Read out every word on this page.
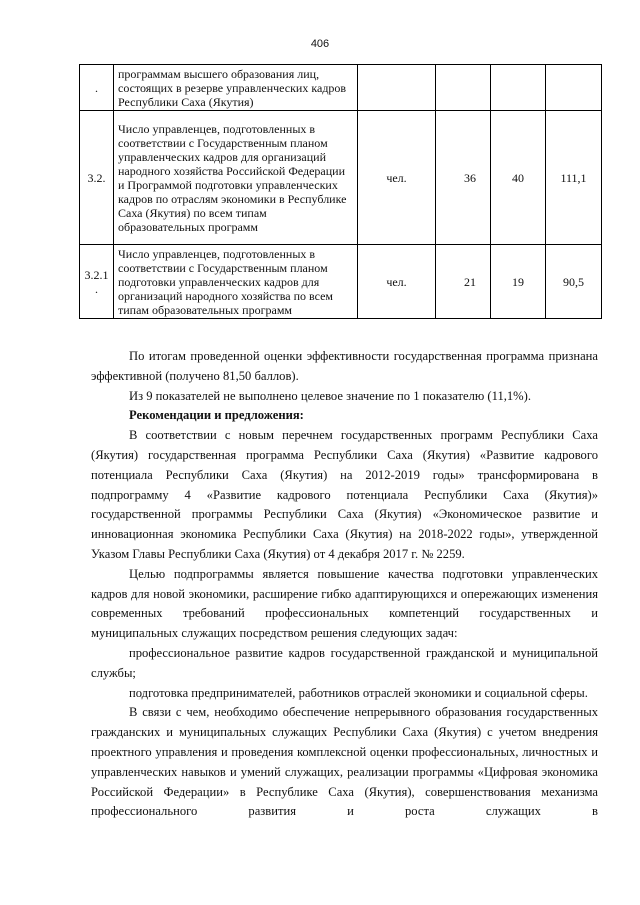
406
.	программам высшего образования лиц, состоящих в резерве управленческих кадров Республики Саха (Якутия)				
3.2.	Число управленцев, подготовленных в соответствии с Государственным планом управленческих кадров для организаций народного хозяйства Российской Федерации и Программой подготовки управленческих кадров по отраслям экономики в Республике Саха (Якутия) по всем типам образовательных программ	чел.	36	40	111,1
3.2.1 .	Число управленцев, подготовленных в соответствии с Государственным планом подготовки управленческих кадров для организаций народного хозяйства по всем типам образовательных программ	чел.	21	19	90,5

По итогам проведенной оценки эффективности государственная программа признана эффективной (получено 81,50 баллов).

Из 9 показателей не выполнено целевое значение по 1 показателю (11,1%).

Рекомендации и предложения:

В соответствии с новым перечнем государственных программ Республики Саха (Якутия) государственная программа Республики Саха (Якутия) «Развитие кадрового потенциала Республики Саха (Якутия) на 2012-2019 годы» трансформирована в подпрограмму 4 «Развитие кадрового потенциала Республики Саха (Якутия)» государственной программы Республики Саха (Якутия) «Экономическое развитие и инновационная экономика Республики Саха (Якутия) на 2018-2022 годы», утвержденной Указом Главы Республики Саха (Якутия) от 4 декабря 2017 г. № 2259.

Целью подпрограммы является повышение качества подготовки управленческих кадров для новой экономики, расширение гибко адаптирующихся и опережающих изменения современных требований профессиональных компетенций государственных и муниципальных служащих посредством решения следующих задач:

профессиональное развитие кадров государственной гражданской и муниципальной службы;

подготовка предпринимателей, работников отраслей экономики и социальной сферы.

В связи с чем, необходимо обеспечение непрерывного образования государственных гражданских и муниципальных служащих Республики Саха (Якутия) с учетом внедрения проектного управления и проведения комплексной оценки профессиональных, личностных и управленческих навыков и умений служащих, реализации программы «Цифровая экономика Российской Федерации» в Республике Саха (Якутия), совершенствования механизма профессионального развития и роста служащих в
